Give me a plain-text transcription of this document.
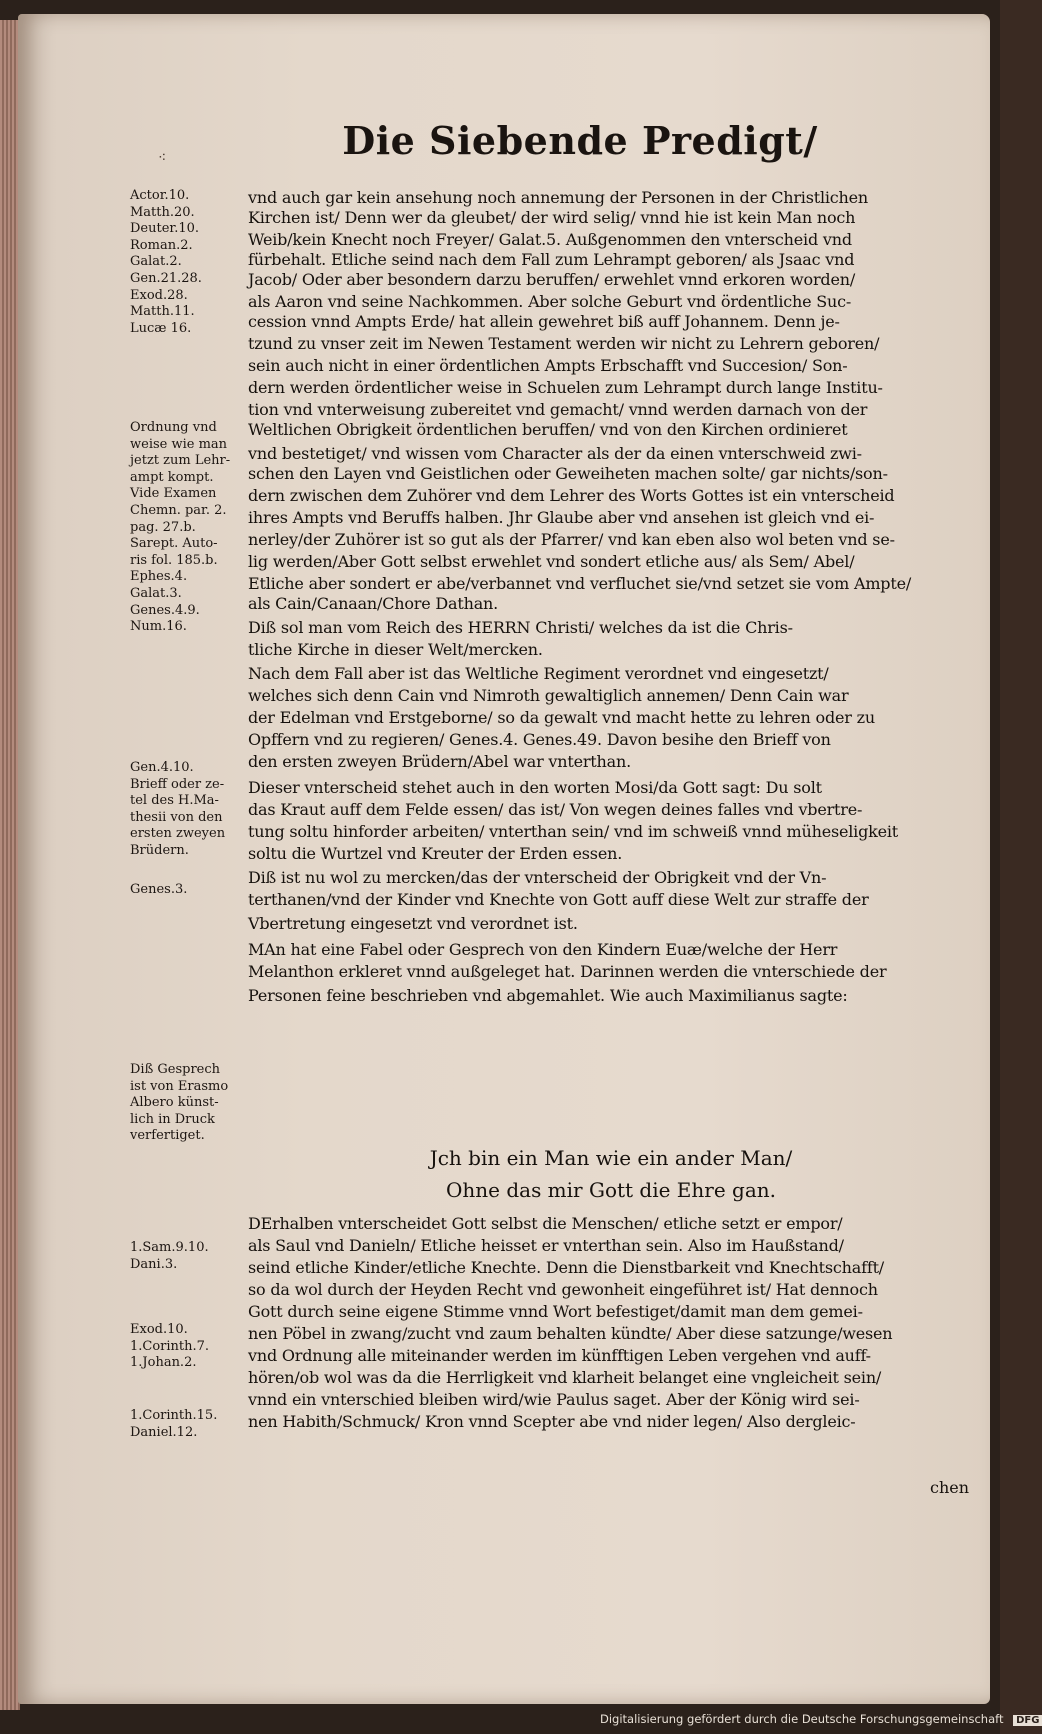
Die Siebende Predigt/
⁖
Actor.10.
Matth.20.
Deuter.10.
Roman.2.
Galat.2.
Gen.21.28.
Exod.28.
Matth.11.
Lucæ 16.
Ordnung vnd
weise wie man
jetzt zum Lehr-
ampt kompt.
Vide Examen
Chemn. par. 2.
pag. 27.b.
Sarept. Auto-
ris fol. 185.b.
Ephes.4.
Galat.3.
Genes.4.9.
Num.16.
Gen.4.10.
Brieff oder ze-
tel des H.Ma-
thesii von den
ersten zweyen
Brüdern.
Genes.3.
Diß Gesprech
ist von Erasmo
Albero künst-
lich in Druck
verfertiget.
1.Sam.9.10.
Dani.3.
Exod.10.
1.Corinth.7.
1.Johan.2.
1.Corinth.15.
Daniel.12.
vnd auch gar kein ansehung noch annemung der Personen in der Christlichen
Kirchen ist/ Denn wer da gleubet/ der wird selig/ vnnd hie ist kein Man noch
Weib/kein Knecht noch Freyer/ Galat.5. Außgenommen den vnterscheid vnd
fürbehalt. Etliche seind nach dem Fall zum Lehrampt geboren/ als Jsaac vnd
Jacob/ Oder aber besondern darzu beruffen/ erwehlet vnnd erkoren worden/
als Aaron vnd seine Nachkommen. Aber solche Geburt vnd ördentliche Suc-
cession vnnd Ampts Erde/ hat allein gewehret biß auff Johannem. Denn je-
tzund zu vnser zeit im Newen Testament werden wir nicht zu Lehrern geboren/
sein auch nicht in einer ördentlichen Ampts Erbschafft vnd Succesion/ Son-
dern werden ördentlicher weise in Schuelen zum Lehrampt durch lange Institu-
tion vnd vnterweisung zubereitet vnd gemacht/ vnnd werden darnach von der
Weltlichen Obrigkeit ördentlichen beruffen/ vnd von den Kirchen ordinieret
vnd bestetiget/ vnd wissen vom Character als der da einen vnterschweid zwi-
schen den Layen vnd Geistlichen oder Geweiheten machen solte/ gar nichts/son-
dern zwischen dem Zuhörer vnd dem Lehrer des Worts Gottes ist ein vnterscheid
ihres Ampts vnd Beruffs halben. Jhr Glaube aber vnd ansehen ist gleich vnd ei-
nerley/der Zuhörer ist so gut als der Pfarrer/ vnd kan eben also wol beten vnd se-
lig werden/Aber Gott selbst erwehlet vnd sondert etliche aus/ als Sem/ Abel/
Etliche aber sondert er abe/verbannet vnd verfluchet sie/vnd setzet sie vom Ampte/
als Cain/Canaan/Chore Dathan.
Diß sol man vom Reich des HERRN Christi/ welches da ist die Chris-
tliche Kirche in dieser Welt/mercken.
Nach dem Fall aber ist das Weltliche Regiment verordnet vnd eingesetzt/
welches sich denn Cain vnd Nimroth gewaltiglich annemen/ Denn Cain war
der Edelman vnd Erstgeborne/ so da gewalt vnd macht hette zu lehren oder zu
Opffern vnd zu regieren/ Genes.4. Genes.49. Davon besihe den Brieff von
den ersten zweyen Brüdern/Abel war vnterthan.
Dieser vnterscheid stehet auch in den worten Mosi/da Gott sagt: Du solt
das Kraut auff dem Felde essen/ das ist/ Von wegen deines falles vnd vbertre-
tung soltu hinforder arbeiten/ vnterthan sein/ vnd im schweiß vnnd müheseligkeit
soltu die Wurtzel vnd Kreuter der Erden essen.
Diß ist nu wol zu mercken/das der vnterscheid der Obrigkeit vnd der Vn-
terthanen/vnd der Kinder vnd Knechte von Gott auff diese Welt zur straffe der
Vbertretung eingesetzt vnd verordnet ist.
MAn hat eine Fabel oder Gesprech von den Kindern Euæ/welche der Herr
Melanthon erkleret vnnd außgeleget hat. Darinnen werden die vnterschiede der
Personen feine beschrieben vnd abgemahlet. Wie auch Maximilianus sagte:
DErhalben vnterscheidet Gott selbst die Menschen/ etliche setzt er empor/
als Saul vnd Danieln/ Etliche heisset er vnterthan sein. Also im Haußstand/
seind etliche Kinder/etliche Knechte. Denn die Dienstbarkeit vnd Knechtschafft/
so da wol durch der Heyden Recht vnd gewonheit eingeführet ist/ Hat dennoch
Gott durch seine eigene Stimme vnnd Wort befestiget/damit man dem gemei-
nen Pöbel in zwang/zucht vnd zaum behalten kündte/ Aber diese satzunge/wesen
vnd Ordnung alle miteinander werden im künfftigen Leben vergehen vnd auff-
hören/ob wol was da die Herrligkeit vnd klarheit belanget eine vngleicheit sein/
vnnd ein vnterschied bleiben wird/wie Paulus saget. Aber der König wird sei-
nen Habith/Schmuck/ Kron vnnd Scepter abe vnd nider legen/ Also dergleic-
Jch bin ein Man wie ein ander Man/
Ohne das mir Gott die Ehre gan.
chen
Digitalisierung gefördert durch die Deutsche Forschungsgemeinschaft DFG
